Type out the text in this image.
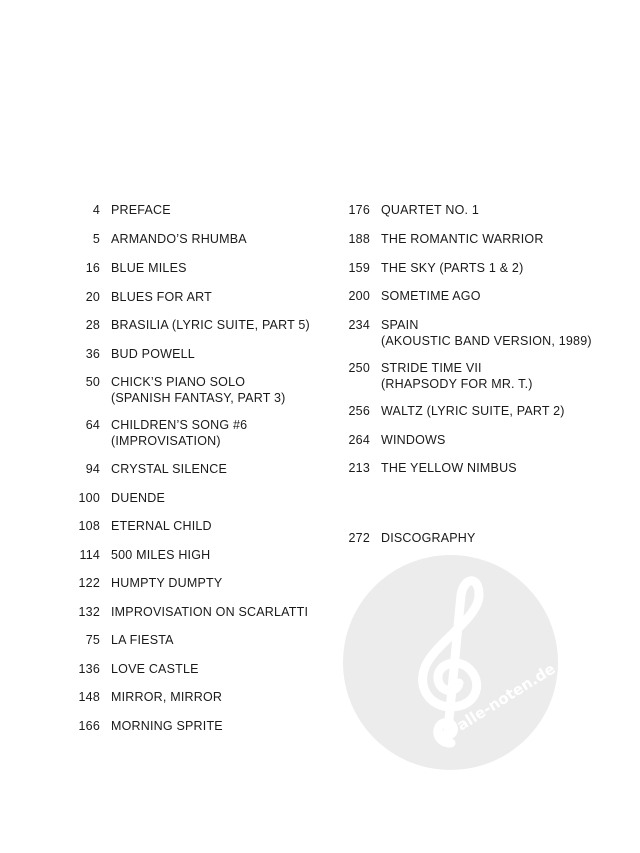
4 PREFACE
5 ARMANDO’S RHUMBA
16 BLUE MILES
20 BLUES FOR ART
28 BRASILIA (LYRIC SUITE, PART 5)
36 BUD POWELL
50 CHICK’S PIANO SOLO
(SPANISH FANTASY, PART 3)
64 CHILDREN’S SONG #6
(IMPROVISATION)
94 CRYSTAL SILENCE
100 DUENDE
108 ETERNAL CHILD
114 500 MILES HIGH
122 HUMPTY DUMPTY
132 IMPROVISATION ON SCARLATTI
75 LA FIESTA
136 LOVE CASTLE
148 MIRROR, MIRROR
166 MORNING SPRITE	alle-noten.de
176 QUARTET NO. 1
188 THE ROMANTIC WARRIOR
159 THE SKY (PARTS 1 & 2)
200 SOMETIME AGO
234 SPAIN
(AKOUSTIC BAND VERSION, 1989)
250 STRIDE TIME VII
(RHAPSODY FOR MR. T.)
256 WALTZ (LYRIC SUITE, PART 2)
264 WINDOWS
213 THE YELLOW NIMBUS
272 DISCOGRAPHY
